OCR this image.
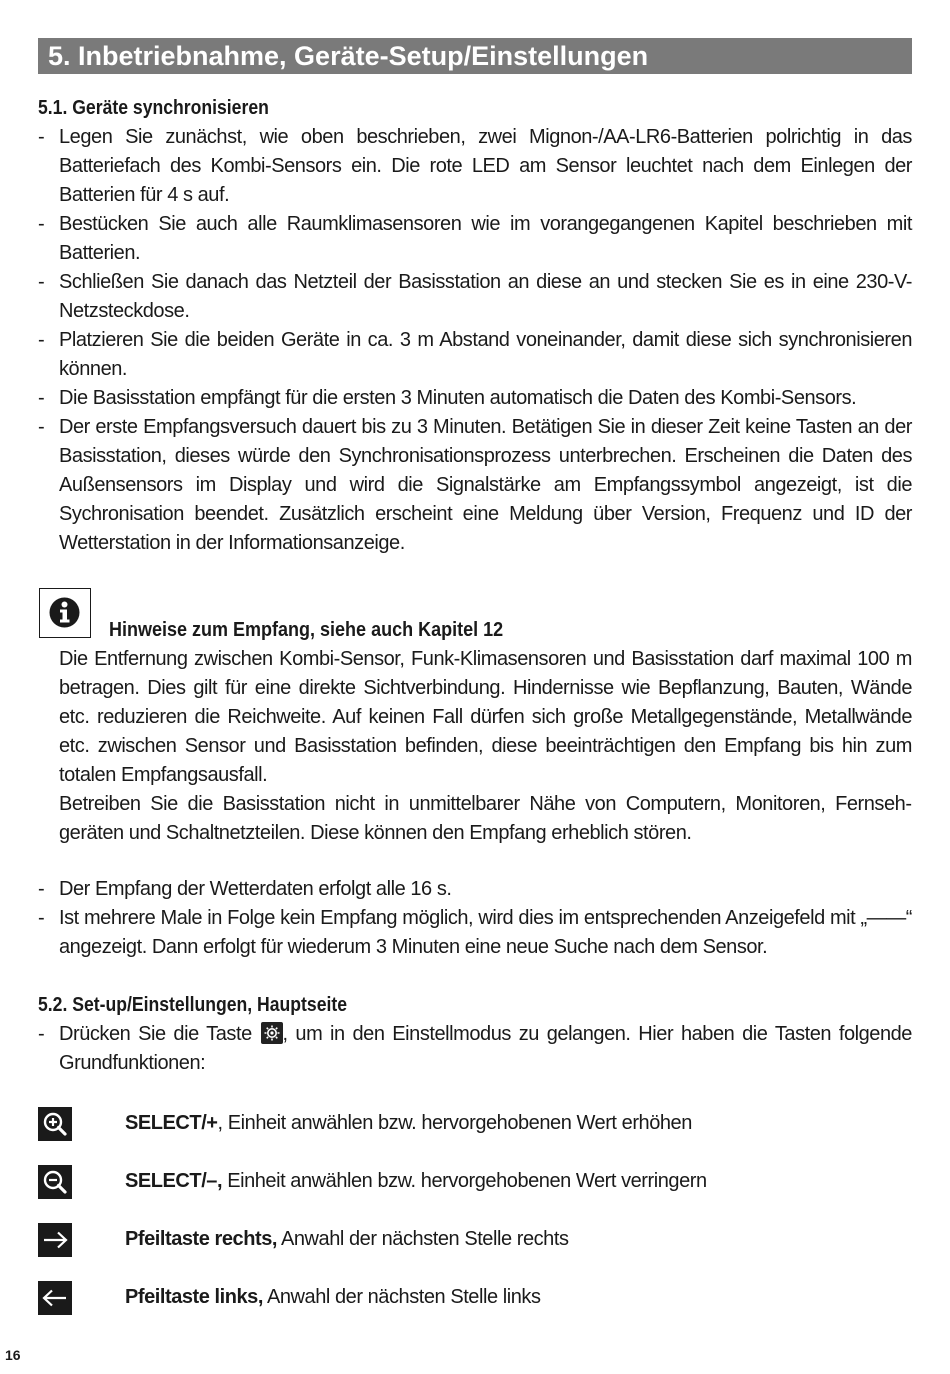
5. Inbetriebnahme, Geräte-Setup/Einstellungen
5.1. Geräte synchronisieren
- Legen Sie zunächst, wie oben beschrieben, zwei Mignon-/AA-LR6-Batterien polrichtig in das Batteriefach des Kombi-Sensors ein. Die rote LED am Sensor leuchtet nach dem Einlegen der Batterien für 4 s auf.
- Bestücken Sie auch alle Raumklimasensoren wie im vorangegangenen Kapitel beschrieben mit Batterien.
- Schließen Sie danach das Netzteil der Basisstation an diese an und stecken Sie es in eine 230-V-Netzsteckdose.
- Platzieren Sie die beiden Geräte in ca. 3 m Abstand voneinander, damit diese sich synchronisieren können.
- Die Basisstation empfängt für die ersten 3 Minuten automatisch die Daten des Kombi-Sensors.
- Der erste Empfangsversuch dauert bis zu 3 Minuten. Betätigen Sie in dieser Zeit keine Tasten an der Basisstation, dieses würde den Synchronisationsprozess unterbrechen. Erscheinen die Daten des Außensensors im Display und wird die Signalstärke am Empfangssymbol angezeigt, ist die Sychronisation beendet. Zusätzlich erscheint eine Meldung über Version, Frequenz und ID der Wetterstation in der Informationsanzeige.
Hinweise zum Empfang, siehe auch Kapitel 12

Die Entfernung zwischen Kombi-Sensor, Funk-Klimasensoren und Basisstation darf maximal 100 m betragen. Dies gilt für eine direkte Sichtverbindung. Hindernisse wie Bepflanzung, Bauten, Wände etc. reduzieren die Reichweite. Auf keinen Fall dürfen sich große Metallgegenstände, Metallwände etc. zwischen Sensor und Basisstation befinden, diese beeinträchtigen den Empfang bis hin zum totalen Empfangsausfall.

Betreiben Sie die Basisstation nicht in unmittelbarer Nähe von Computern, Monitoren, Fernsehgeräten und Schaltnetzteilen. Diese können den Empfang erheblich stören.

- Der Empfang der Wetterdaten erfolgt alle 16 s.
- Ist mehrere Male in Folge kein Empfang möglich, wird dies im entsprechenden Anzeigefeld mit „——“ angezeigt. Dann erfolgt für wiederum 3 Minuten eine neue Suche nach dem Sensor.
5.2. Set-up/Einstellungen, Hauptseite
- Drücken Sie die Taste
, um in den Einstellmodus zu gelangen. Hier haben die Tasten folgende Grundfunktionen:
SELECT/+, Einheit anwählen bzw. hervorgehobenen Wert erhöhen
SELECT/–, Einheit anwählen bzw. hervorgehobenen Wert verringern
Pfeiltaste rechts, Anwahl der nächsten Stelle rechts
Pfeiltaste links, Anwahl der nächsten Stelle links
16
